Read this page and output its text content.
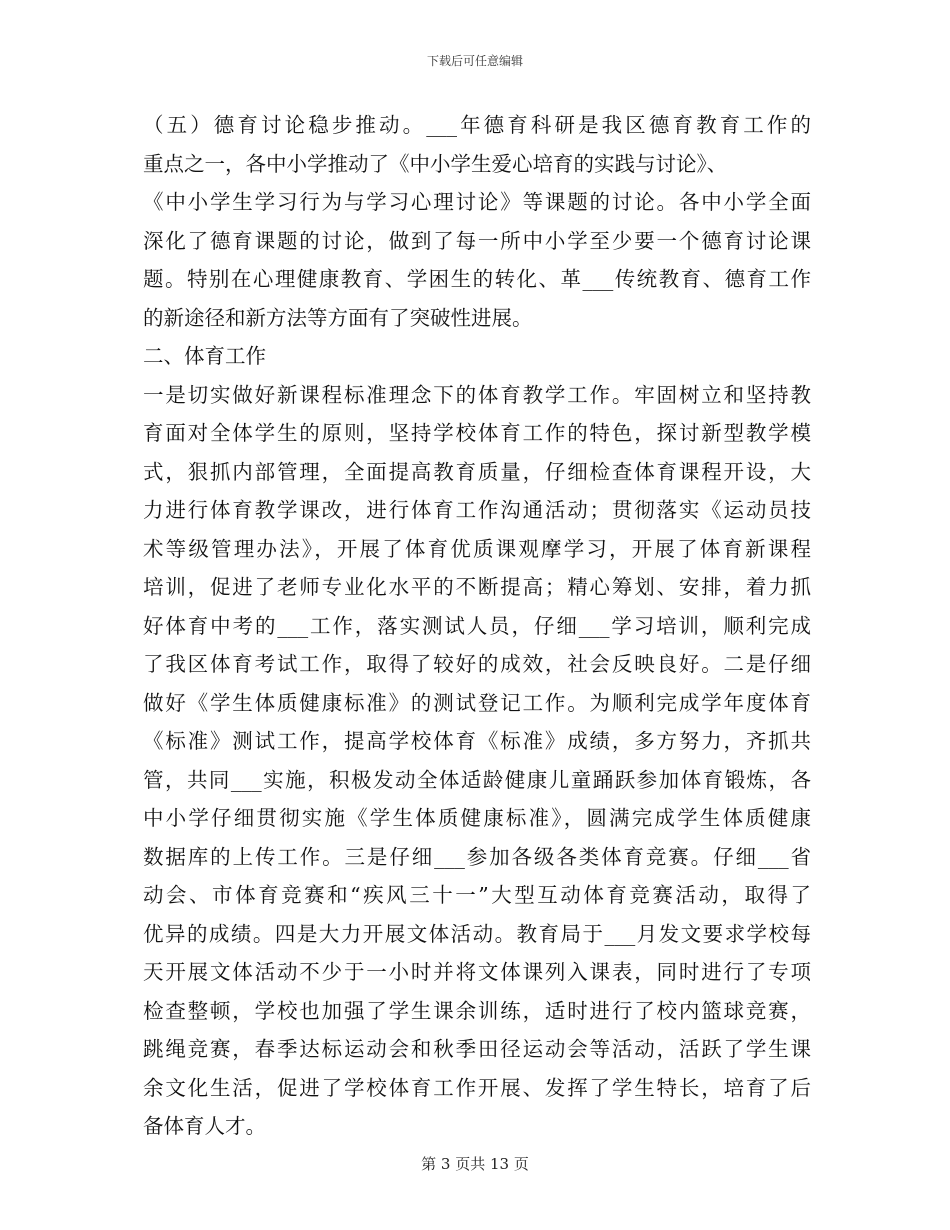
下载后可任意编辑
（五）德育讨论稳步推动。___年德育科研是我区德育教育工作的
重点之一，各中小学推动了《中小学生爱心培育的实践与讨论》、
《中小学生学习行为与学习心理讨论》等课题的讨论。各中小学全面
深化了德育课题的讨论，做到了每一所中小学至少要一个德育讨论课
题。特别在心理健康教育、学困生的转化、革___传统教育、德育工作
的新途径和新方法等方面有了突破性进展。
二、体育工作
一是切实做好新课程标准理念下的体育教学工作。牢固树立和坚持教
育面对全体学生的原则，坚持学校体育工作的特色，探讨新型教学模
式，狠抓内部管理，全面提高教育质量，仔细检查体育课程开设，大
力进行体育教学课改，进行体育工作沟通活动；贯彻落实《运动员技
术等级管理办法》，开展了体育优质课观摩学习，开展了体育新课程
培训，促进了老师专业化水平的不断提高；精心筹划、安排，着力抓
好体育中考的___工作，落实测试人员，仔细___学习培训，顺利完成
了我区体育考试工作，取得了较好的成效，社会反映良好。二是仔细
做好《学生体质健康标准》的测试登记工作。为顺利完成学年度体育
《标准》测试工作，提高学校体育《标准》成绩，多方努力，齐抓共
管，共同___实施，积极发动全体适龄健康儿童踊跃参加体育锻炼，各
中小学仔细贯彻实施《学生体质健康标准》，圆满完成学生体质健康
数据库的上传工作。三是仔细___参加各级各类体育竞赛。仔细___省
动会、市体育竞赛和“疾风三十一”大型互动体育竞赛活动，取得了
优异的成绩。四是大力开展文体活动。教育局于___月发文要求学校每
天开展文体活动不少于一小时并将文体课列入课表，同时进行了专项
检查整顿，学校也加强了学生课余训练，适时进行了校内篮球竞赛，
跳绳竞赛，春季达标运动会和秋季田径运动会等活动，活跃了学生课
余文化生活，促进了学校体育工作开展、发挥了学生特长，培育了后
备体育人才。
第 3 页共 13 页
